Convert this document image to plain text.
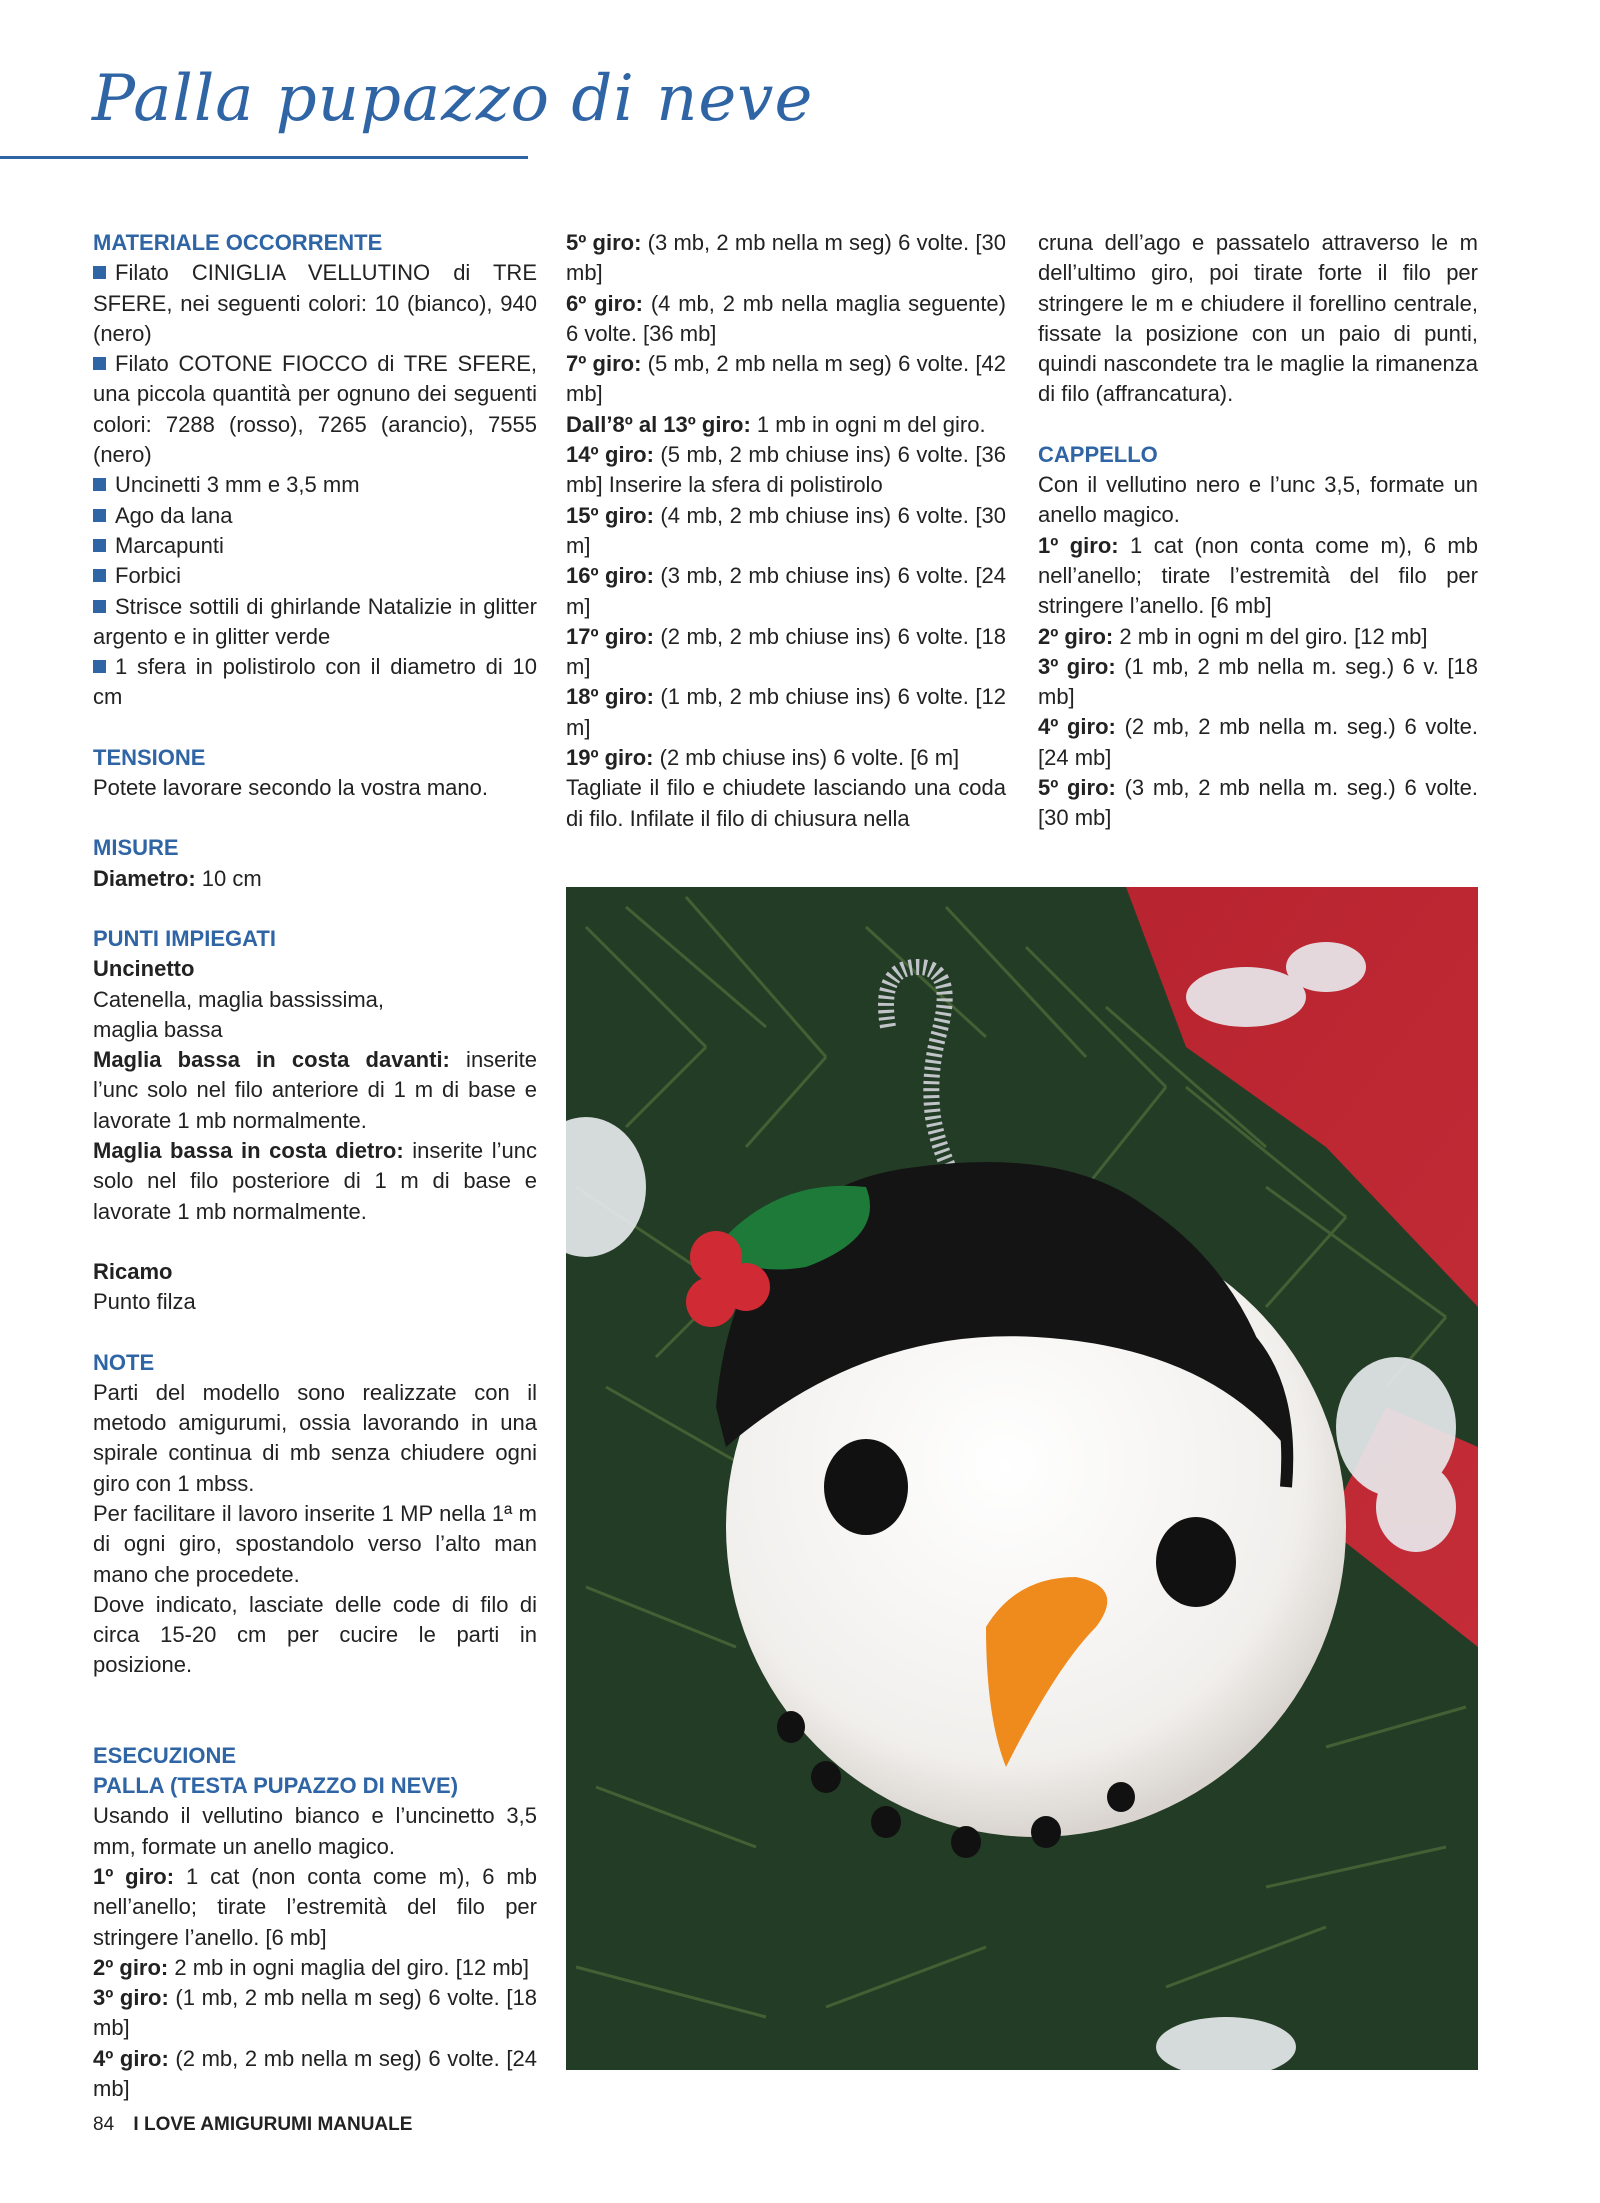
Palla pupazzo di neve

MATERIALE OCCORRENTE

Filato CINIGLIA VELLUTINO di TRE SFERE, nei seguenti colori: 10 (bianco), 940 (nero)

Filato COTONE FIOCCO di TRE SFERE, una piccola quantità per ognuno dei seguenti colori: 7288 (rosso), 7265 (arancio), 7555 (nero)

Uncinetti 3 mm e 3,5 mm

Ago da lana

Marcapunti

Forbici

Strisce sottili di ghirlande Natalizie in glitter argento e in glitter verde

1 sfera in polistirolo con il diametro di 10 cm

TENSIONE

Potete lavorare secondo la vostra mano.

MISURE

Diametro: 10 cm

PUNTI IMPIEGATI

Uncinetto

Catenella, maglia bassissima,

maglia bassa

Maglia bassa in costa davanti: inserite l’unc solo nel filo anteriore di 1 m di base e lavorate 1 mb normalmente.

Maglia bassa in costa dietro: inserite l’unc solo nel filo posteriore di 1 m di base e lavorate 1 mb normalmente.

Ricamo

Punto filza

NOTE

Parti del modello sono realizzate con il metodo amigurumi, ossia lavorando in una spirale continua di mb senza chiudere ogni giro con 1 mbss.

Per facilitare il lavoro inserite 1 MP nella 1ª m di ogni giro, spostandolo verso l’alto man mano che procedete.

Dove indicato, lasciate delle code di filo di circa 15-20 cm per cucire le parti in posizione.

ESECUZIONE

PALLA (TESTA PUPAZZO DI NEVE)

Usando il vellutino bianco e l’uncinetto 3,5 mm, formate un anello magico.

1º giro: 1 cat (non conta come m), 6 mb nell’anello; tirate l’estremità del filo per stringere l’anello. [6 mb]

2º giro: 2 mb in ogni maglia del giro. [12 mb]

3º giro: (1 mb, 2 mb nella m seg) 6 volte. [18 mb]

4º giro: (2 mb, 2 mb nella m seg) 6 volte. [24 mb]

5º giro: (3 mb, 2 mb nella m seg) 6 volte. [30 mb]

6º giro: (4 mb, 2 mb nella maglia seguente) 6 volte. [36 mb]

7º giro: (5 mb, 2 mb nella m seg) 6 volte. [42 mb]

Dall’8º al 13º giro: 1 mb in ogni m del giro.

14º giro: (5 mb, 2 mb chiuse ins) 6 volte. [36 mb] Inserire la sfera di polistirolo

15º giro: (4 mb, 2 mb chiuse ins) 6 volte. [30 m]

16º giro: (3 mb, 2 mb chiuse ins) 6 volte. [24 m]

17º giro: (2 mb, 2 mb chiuse ins) 6 volte. [18 m]

18º giro: (1 mb, 2 mb chiuse ins) 6 volte. [12 m]

19º giro: (2 mb chiuse ins) 6 volte. [6 m]

Tagliate il filo e chiudete lasciando una coda di filo. Infilate il filo di chiusura nella

cruna dell’ago e passatelo attraverso le m dell’ultimo giro, poi tirate forte il filo per stringere le m e chiudere il forellino centrale, fissate la posizione con un paio di punti, quindi nascondete tra le maglie la rimanenza di filo (affrancatura).

CAPPELLO

Con il vellutino nero e l’unc 3,5, formate un anello magico.

1º giro: 1 cat (non conta come m), 6 mb nell’anello; tirate l’estremità del filo per stringere l’anello. [6 mb]

2º giro: 2 mb in ogni m del giro. [12 mb]

3º giro: (1 mb, 2 mb nella m. seg.) 6 v. [18 mb]

4º giro: (2 mb, 2 mb nella m. seg.) 6 volte. [24 mb]

5º giro: (3 mb, 2 mb nella m. seg.) 6 volte. [30 mb]

84 I LOVE AMIGURUMI MANUALE
